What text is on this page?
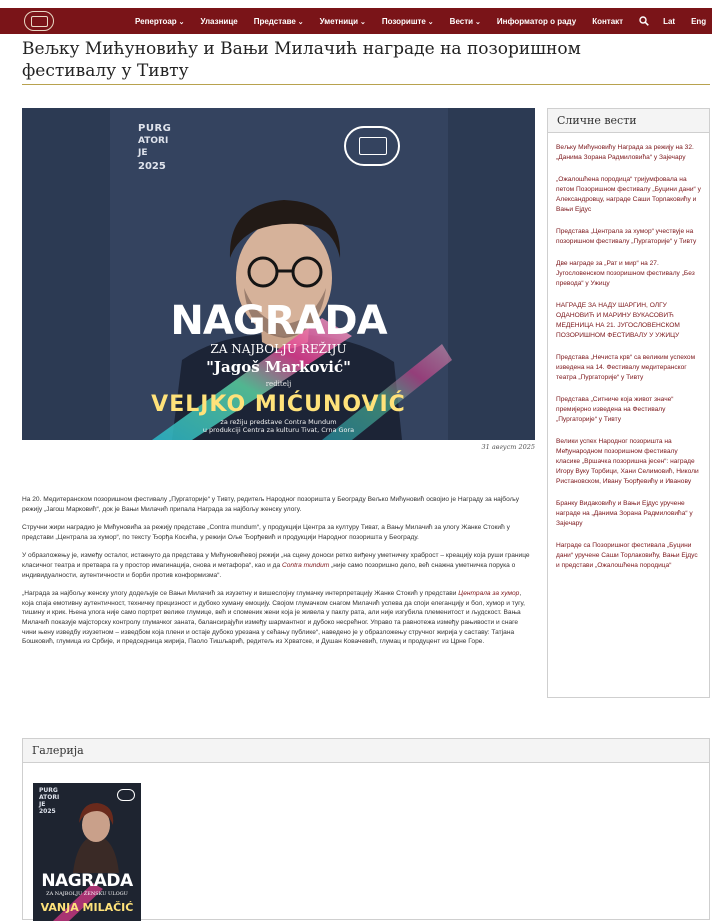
Репертоар ⌄	Улазнице Представе ⌄	Уметници ⌄	Позориште ⌄	Вести ⌄	Информатор о раду Контакт	Lat Eng
Вељку Мићуновићу и Вањи Милачић награде на позоришном фестивалу у Тивту
PURG
ATORI
JE
2025
NAGRADA
ZA NAJBOLJU REŽIJU
"Jagoš Marković"
reditelj
VELJKO MIĆUNOVIĆ
za režiju predstave Contra Mundum
u produkciji Centra za kulturu Tivat, Crna Gora
31 август 2025

На 20. Медитеранском позоришном фестивалу „Пургаторије“ у Тивту, редитељ Народног позоришта у Београду Вељко Мићуновић освојио је Награду за најбољу режију „Јагош Марковић“, док је Вањи Милачић припала Награда за најбољу женску улогу.

Стручни жири наградио је Мићуновића за режију представе „Contra mundum“, у продукцији Центра за културу Тиват, а Вању Милачић за улогу Жанке Стокић у представи „Централа за хумор“, по тексту Ђорђа Косића, у режији Оље Ђорђевић и продукцији Народног позоришта у Београду.

У образложењу је, између осталог, истакнуто да представа у Мићуновићевој режији „на сцену доноси ретко виђену уметничку храброст – креацију која руши границе класичног театра и претвара га у простор имагинација, снова и метафора“, као и да Contra mundum „није само позоришно дело, већ снажна уметничка порука о индивидуалности, аутентичности и борби против конформизма“.

„Награда за најбољу женску улогу додељује се Вањи Милачић за изузетну и вишеслојну глумачку интерпретацију Жанке Стокић у представи Централа за хумор, која спаја емотивну аутентичност, техничку прецизност и дубоко хуману емоцију. Својом глумачком снагом Милачић успева да споји елеганцију и бол, хумор и тугу, тишину и крик. Њена улога није само портрет велике глумице, већ и споменик жени која је живела у паклу рата, али није изгубила племенитост и људскост. Вања Милачић показује мајсторску контролу глумачког заната, балансирајући између шармантног и дубоко несрећног. Управо та равнотежа између рањивости и снаге чини њену изведбу изузетном – изведбом која плени и остаје дубоко урезана у сећању публике“, наведено је у образложењу стручног жирија у саставу: Татјана Бошковић, глумица из Србије, и председница жирија, Паоло Тишљарић, редитељ из Хрватске, и Душан Ковачевић, глумац и продуцент из Црне Горе.

Сличне вести
Вељку Мићуновићу Награда за режију на 32. „Данима Зорана Радмиловића“ у Зајечару
„Ожалошћена породица“ тријумфовала на петом Позоришном фестивалу „Буцини дани“ у Александровцу, награде Саши Торлаковићу и Вањи Ејдус
Представа „Централа за хумор“ учествује на позоришном фестивалу „Пургаторије“ у Тивту
Две награде за „Рат и мир“ на 27. Југословенском позоришном фестивалу „Без превода“ у Ужицу
НАГРАДЕ ЗА НАДУ ШАРГИН, ОЛГУ ОДАНОВИЋ И МАРИНУ ВУКАСОВИЋ МЕДЕНИЦА НА 21. ЈУГОСЛОВЕНСКОМ ПОЗОРИШНОМ ФЕСТИВАЛУ У УЖИЦУ
Представа „Нечиста крв“ са великим успехом изведена на 14. Фестивалу медитеранског театра „Пургаторије“ у Тивту
Представа „Ситниче која живот значе“ премијерно изведена на Фестивалу „Пургаторије“ у Тивту
Велики успех Народног позоришта на Међународном позоришном фестивалу класике „Вршачка позоришна јесен“: награде Игору Вуку Торбици, Хани Селимовић, Николи Ристановском, Ивану Ђорђевићу и Иванову
Бранку Видаковићу и Вањи Ејдус уручене награде на „Данима Зорана Радмиловића“ у Зајечару
Награде са Позоришног фестивала „Буцини дани“ уручене Саши Торлаковићу, Вањи Ејдус и представи „Ожалошћена породица“
Галерија
PURG
ATORI
JE
2025
NAGRADA
ZA NAJBOLJU ŽENSKU ULOGU
VANJA MILAČIĆ
